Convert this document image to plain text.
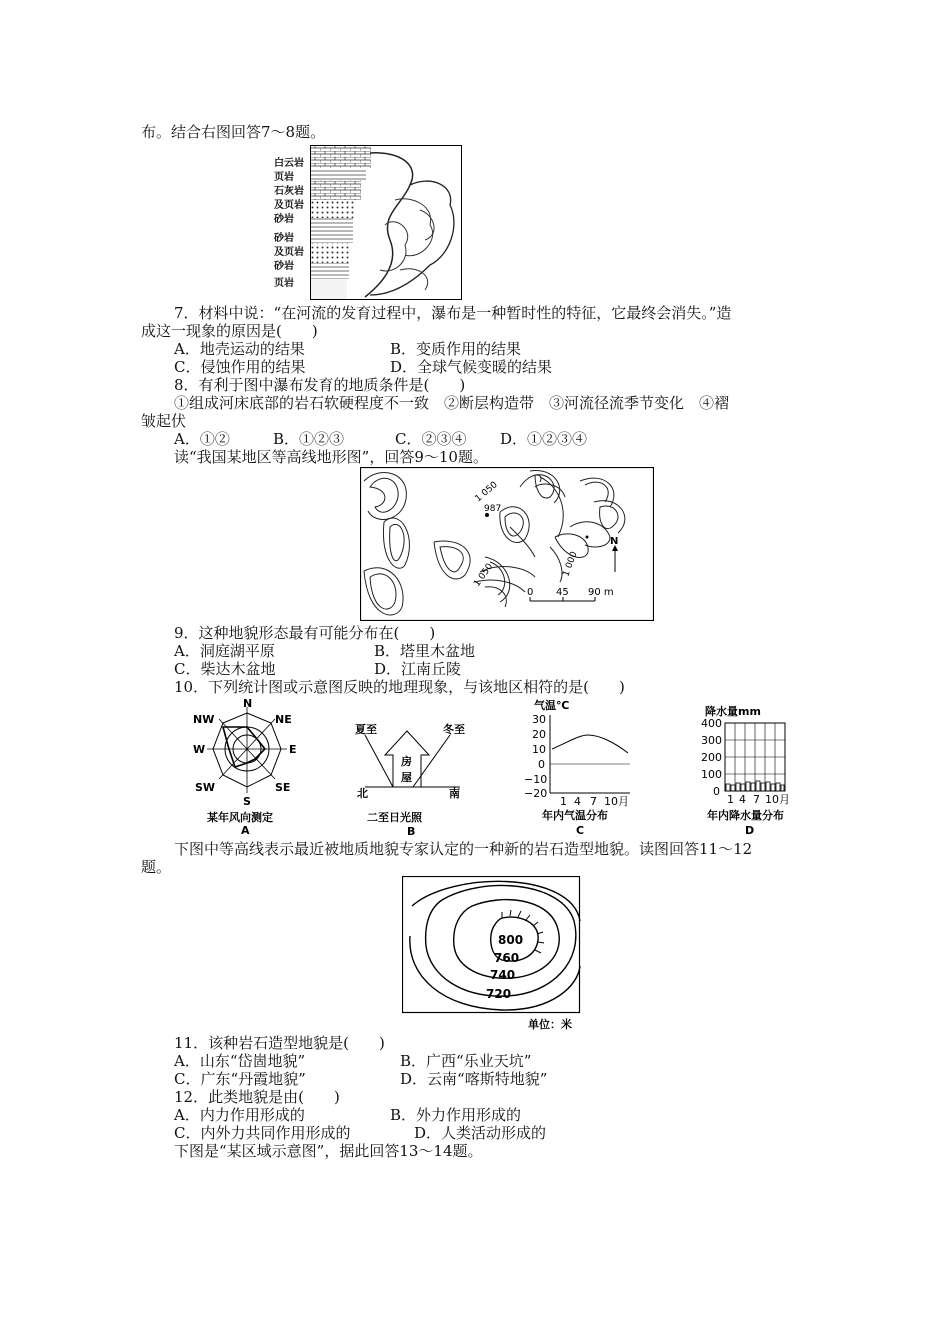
布。结合右图回答7～8题。
白云岩
页岩
石灰岩
及页岩
砂岩
砂岩
及页岩
砂岩
页岩
7．材料中说：“在河流的发育过程中，瀑布是一种暂时性的特征，它最终会消失。”造
成这一现象的原因是(　　)
A．地壳运动的结果	B．变质作用的结果
C．侵蚀作用的结果	D．全球气候变暖的结果
8．有利于图中瀑布发育的地质条件是(　　)
①组成河床底部的岩石软硬程度不一致　②断层构造带　③河流径流季节变化　④褶
皱起伏
A．①②	B．①②③	C．②③④ D．①②③④
读“我国某地区等高线地形图”，回答9～10题。
1 050
987
1 000
1 050
N
0 45 90 m
9．这种地貌形态最有可能分布在(　　)
A．洞庭湖平原	B．塔里木盆地
C．柴达木盆地	D．江南丘陵
10．下列统计图或示意图反映的地理现象，与该地区相符的是(　　)
N
NE
E
SE
S
SW
W
NW
某年风向测定
A
夏至	冬至
房
屋
北	南
二至日光照
B
气温℃
30
20
10
0
−10
−20
1 4 7 10月
年内气温分布
C
降水量mm
400
300
200
100
0
1 4 7 10月
年内降水量分布
D
下图中等高线表示最近被地质地貌专家认定的一种新的岩石造型地貌。读图回答11～12
题。
800
760
740
720
单位：米
11．该种岩石造型地貌是(　　)
A．山东“岱崮地貌”	B．广西“乐业天坑”
C．广东“丹霞地貌”	D．云南“喀斯特地貌”
12．此类地貌是由(　　)
A．内力作用形成的	B．外力作用形成的
C．内外力共同作用形成的	D．人类活动形成的
下图是“某区域示意图”，据此回答13～14题。
